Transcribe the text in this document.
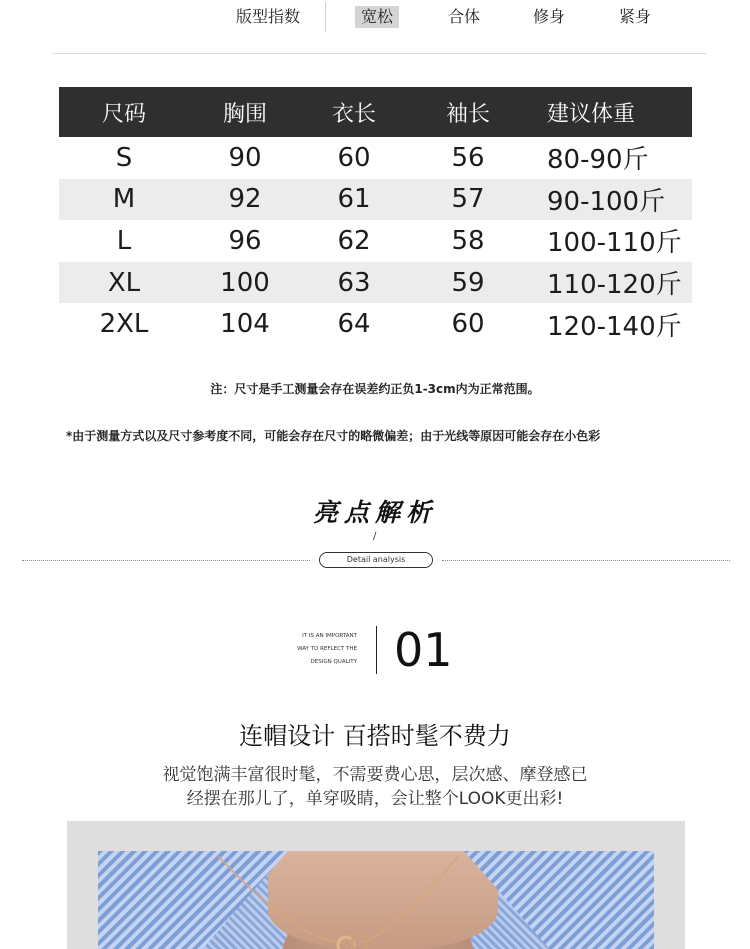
版型指数	宽松	合体	修身	紧身
尺码	胸围	衣长	袖长	建议体重
S	90	60	56	80-90斤
M	92	61	57	90-100斤
L	96	62	58	100-110斤
XL	100	63	59	110-120斤
2XL	104	64	60	120-140斤
注：尺寸是手工测量会存在误差约正负1-3cm内为正常范围。
*由于测量方式以及尺寸参考度不同，可能会存在尺寸的略微偏差；由于光线等原因可能会存在小色彩
亮点解析
/
Detail analysis
IT IS AN IMPORTANT
WAY TO REFLECT THE
DESIGN QUALITY 01
连帽设计 百搭时髦不费力
视觉饱满丰富很时髦，不需要费心思，层次感、摩登感已
经摆在那儿了，单穿吸睛，会让整个LOOK更出彩!
